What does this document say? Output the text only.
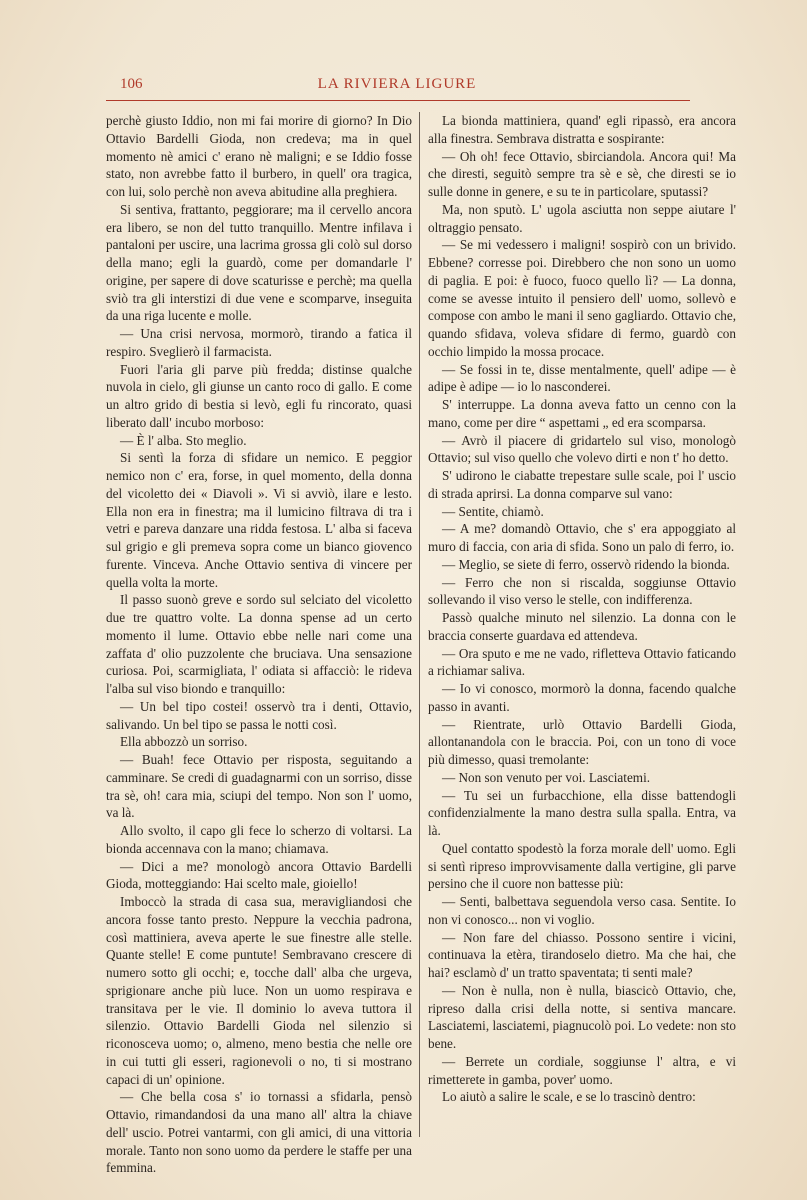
106	LA RIVIERA LIGURE

perchè giusto Iddio, non mi fai morire di giorno? In Dio Ottavio Bardelli Gioda, non credeva; ma in quel momento nè amici c' erano nè maligni; e se Iddio fosse stato, non avrebbe fatto il burbero, in quell' ora tragica, con lui, solo perchè non aveva abitudine alla preghiera.

Si sentiva, frattanto, peggiorare; ma il cervello ancora era libero, se non del tutto tranquillo. Mentre infilava i pantaloni per uscire, una lacrima grossa gli colò sul dorso della mano; egli la guardò, come per domandarle l' origine, per sapere di dove scaturisse e perchè; ma quella sviò tra gli interstizi di due vene e scomparve, inseguita da una riga lucente e molle.

— Una crisi nervosa, mormorò, tirando a fatica il respiro. Sveglierò il farmacista.

Fuori l'aria gli parve più fredda; distinse qualche nuvola in cielo, gli giunse un canto roco di gallo. E come un altro grido di bestia si levò, egli fu rincorato, quasi liberato dall' incubo morboso:

— È l' alba. Sto meglio.

Si sentì la forza di sfidare un nemico. E peggior nemico non c' era, forse, in quel momento, della donna del vicoletto dei « Diavoli ». Vi si avviò, ilare e lesto. Ella non era in finestra; ma il lumicino filtrava di tra i vetri e pareva danzare una ridda festosa. L' alba si faceva sul grigio e gli premeva sopra come un bianco giovenco furente. Vinceva. Anche Ottavio sentiva di vincere per quella volta la morte.

Il passo suonò greve e sordo sul selciato del vicoletto due tre quattro volte. La donna spense ad un certo momento il lume. Ottavio ebbe nelle nari come una zaffata d' olio puzzolente che bruciava. Una sensazione curiosa. Poi, scarmigliata, l' odiata si affacciò: le rideva l'alba sul viso biondo e tranquillo:

— Un bel tipo costei! osservò tra i denti, Ottavio, salivando. Un bel tipo se passa le notti così.

Ella abbozzò un sorriso.

— Buah! fece Ottavio per risposta, seguitando a camminare. Se credi di guadagnarmi con un sorriso, disse tra sè, oh! cara mia, sciupi del tempo. Non son l' uomo, va là.

Allo svolto, il capo gli fece lo scherzo di voltarsi. La bionda accennava con la mano; chiamava.

— Dici a me? monologò ancora Ottavio Bardelli Gioda, motteggiando: Hai scelto male, gioiello!

Imboccò la strada di casa sua, meravigliandosi che ancora fosse tanto presto. Neppure la vecchia padrona, così mattiniera, aveva aperte le sue finestre alle stelle. Quante stelle! E come puntute! Sembravano crescere di numero sotto gli occhi; e, tocche dall' alba che urgeva, sprigionare anche più luce. Non un uomo respirava e transitava per le vie. Il dominio lo aveva tuttora il silenzio. Ottavio Bardelli Gioda nel silenzio si riconosceva uomo; o, almeno, meno bestia che nelle ore in cui tutti gli esseri, ragionevoli o no, ti si mostrano capaci di un' opinione.

— Che bella cosa s' io tornassi a sfidarla, pensò Ottavio, rimandandosi da una mano all' altra la chiave dell' uscio. Potrei vantarmi, con gli amici, di una vittoria morale. Tanto non sono uomo da perdere le staffe per una femmina.

La bionda mattiniera, quand' egli ripassò, era ancora alla finestra. Sembrava distratta e sospirante:

— Oh oh! fece Ottavio, sbirciandola. Ancora qui! Ma che diresti, seguitò sempre tra sè e sè, che diresti se io sulle donne in genere, e su te in particolare, sputassi?

Ma, non sputò. L' ugola asciutta non seppe aiutare l' oltraggio pensato.

— Se mi vedessero i maligni! sospirò con un brivido. Ebbene? corresse poi. Direbbero che non sono un uomo di paglia. E poi: è fuoco, fuoco quello lì? — La donna, come se avesse intuito il pensiero dell' uomo, sollevò e compose con ambo le mani il seno gagliardo. Ottavio che, quando sfidava, voleva sfidare di fermo, guardò con occhio limpido la mossa procace.

— Se fossi in te, disse mentalmente, quell' adipe — è adipe è adipe — io lo nasconderei.

S' interruppe. La donna aveva fatto un cenno con la mano, come per dire “ aspettami „ ed era scomparsa.

— Avrò il piacere di gridartelo sul viso, monologò Ottavio; sul viso quello che volevo dirti e non t' ho detto.

S' udirono le ciabatte trepestare sulle scale, poi l' uscio di strada aprirsi. La donna comparve sul vano:

— Sentite, chiamò.

— A me? domandò Ottavio, che s' era appoggiato al muro di faccia, con aria di sfida. Sono un palo di ferro, io.

— Meglio, se siete di ferro, osservò ridendo la bionda.

— Ferro che non si riscalda, soggiunse Ottavio sollevando il viso verso le stelle, con indifferenza.

Passò qualche minuto nel silenzio. La donna con le braccia conserte guardava ed attendeva.

— Ora sputo e me ne vado, rifletteva Ottavio faticando a richiamar saliva.

— Io vi conosco, mormorò la donna, facendo qualche passo in avanti.

— Rientrate, urlò Ottavio Bardelli Gioda, allontanandola con le braccia. Poi, con un tono di voce più dimesso, quasi tremolante:

— Non son venuto per voi. Lasciatemi.

— Tu sei un furbacchione, ella disse battendogli confidenzialmente la mano destra sulla spalla. Entra, va là.

Quel contatto spodestò la forza morale dell' uomo. Egli si sentì ripreso improvvisamente dalla vertigine, gli parve persino che il cuore non battesse più:

— Senti, balbettava seguendola verso casa. Sentite. Io non vi conosco... non vi voglio.

— Non fare del chiasso. Possono sentire i vicini, continuava la etèra, tirandoselo dietro. Ma che hai, che hai? esclamò d' un tratto spaventata; ti senti male?

— Non è nulla, non è nulla, biascicò Ottavio, che, ripreso dalla crisi della notte, si sentiva mancare. Lasciatemi, lasciatemi, piagnucolò poi. Lo vedete: non sto bene.

— Berrete un cordiale, soggiunse l' altra, e vi rimetterete in gamba, pover' uomo.

Lo aiutò a salire le scale, e se lo trascinò dentro:
